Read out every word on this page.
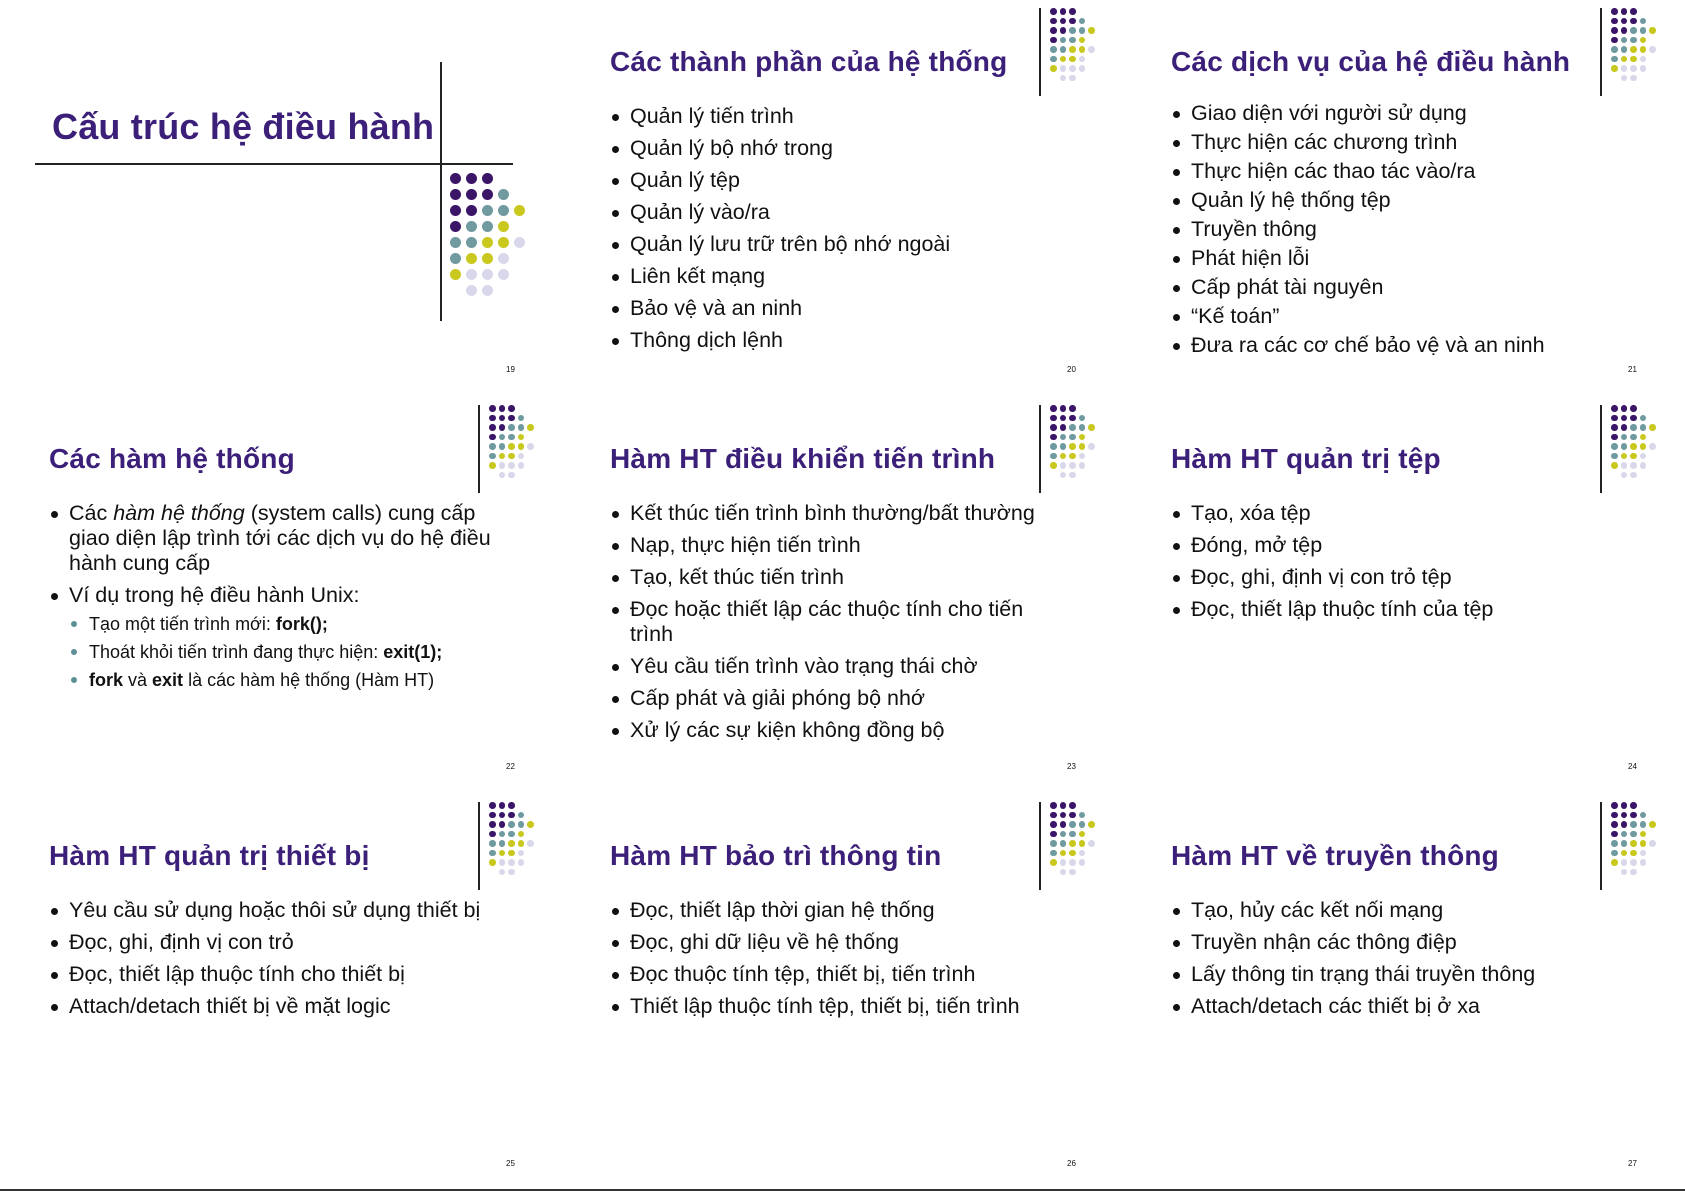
Cấu trúc hệ điều hành
19
Các thành phần của hệ thống
Quản lý tiến trình
Quản lý bộ nhớ trong
Quản lý tệp
Quản lý vào/ra
Quản lý lưu trữ trên bộ nhớ ngoài
Liên kết mạng
Bảo vệ và an ninh
Thông dịch lệnh
20
Các dịch vụ của hệ điều hành
Giao diện với người sử dụng
Thực hiện các chương trình
Thực hiện các thao tác vào/ra
Quản lý hệ thống tệp
Truyền thông
Phát hiện lỗi
Cấp phát tài nguyên
“Kế toán”
Đưa ra các cơ chế bảo vệ và an ninh
21
Các hàm hệ thống
Các hàm hệ thống (system calls) cung cấp giao diện lập trình tới các dịch vụ do hệ điều hành cung cấp
Ví dụ trong hệ điều hành Unix:
Tạo một tiến trình mới: fork();
Thoát khỏi tiến trình đang thực hiện: exit(1);
fork và exit là các hàm hệ thống (Hàm HT)
22
Hàm HT điều khiển tiến trình
Kết thúc tiến trình bình thường/bất thường
Nạp, thực hiện tiến trình
Tạo, kết thúc tiến trình
Đọc hoặc thiết lập các thuộc tính cho tiến trình
Yêu cầu tiến trình vào trạng thái chờ
Cấp phát và giải phóng bộ nhớ
Xử lý các sự kiện không đồng bộ
23
Hàm HT quản trị tệp
Tạo, xóa tệp
Đóng, mở tệp
Đọc, ghi, định vị con trỏ tệp
Đọc, thiết lập thuộc tính của tệp
24
Hàm HT quản trị thiết bị
Yêu cầu sử dụng hoặc thôi sử dụng thiết bị
Đọc, ghi, định vị con trỏ
Đọc, thiết lập thuộc tính cho thiết bị
Attach/detach thiết bị về mặt logic
25
Hàm HT bảo trì thông tin
Đọc, thiết lập thời gian hệ thống
Đọc, ghi dữ liệu về hệ thống
Đọc thuộc tính tệp, thiết bị, tiến trình
Thiết lập thuộc tính tệp, thiết bị, tiến trình
26
Hàm HT về truyền thông
Tạo, hủy các kết nối mạng
Truyền nhận các thông điệp
Lấy thông tin trạng thái truyền thông
Attach/detach các thiết bị ở xa
27
